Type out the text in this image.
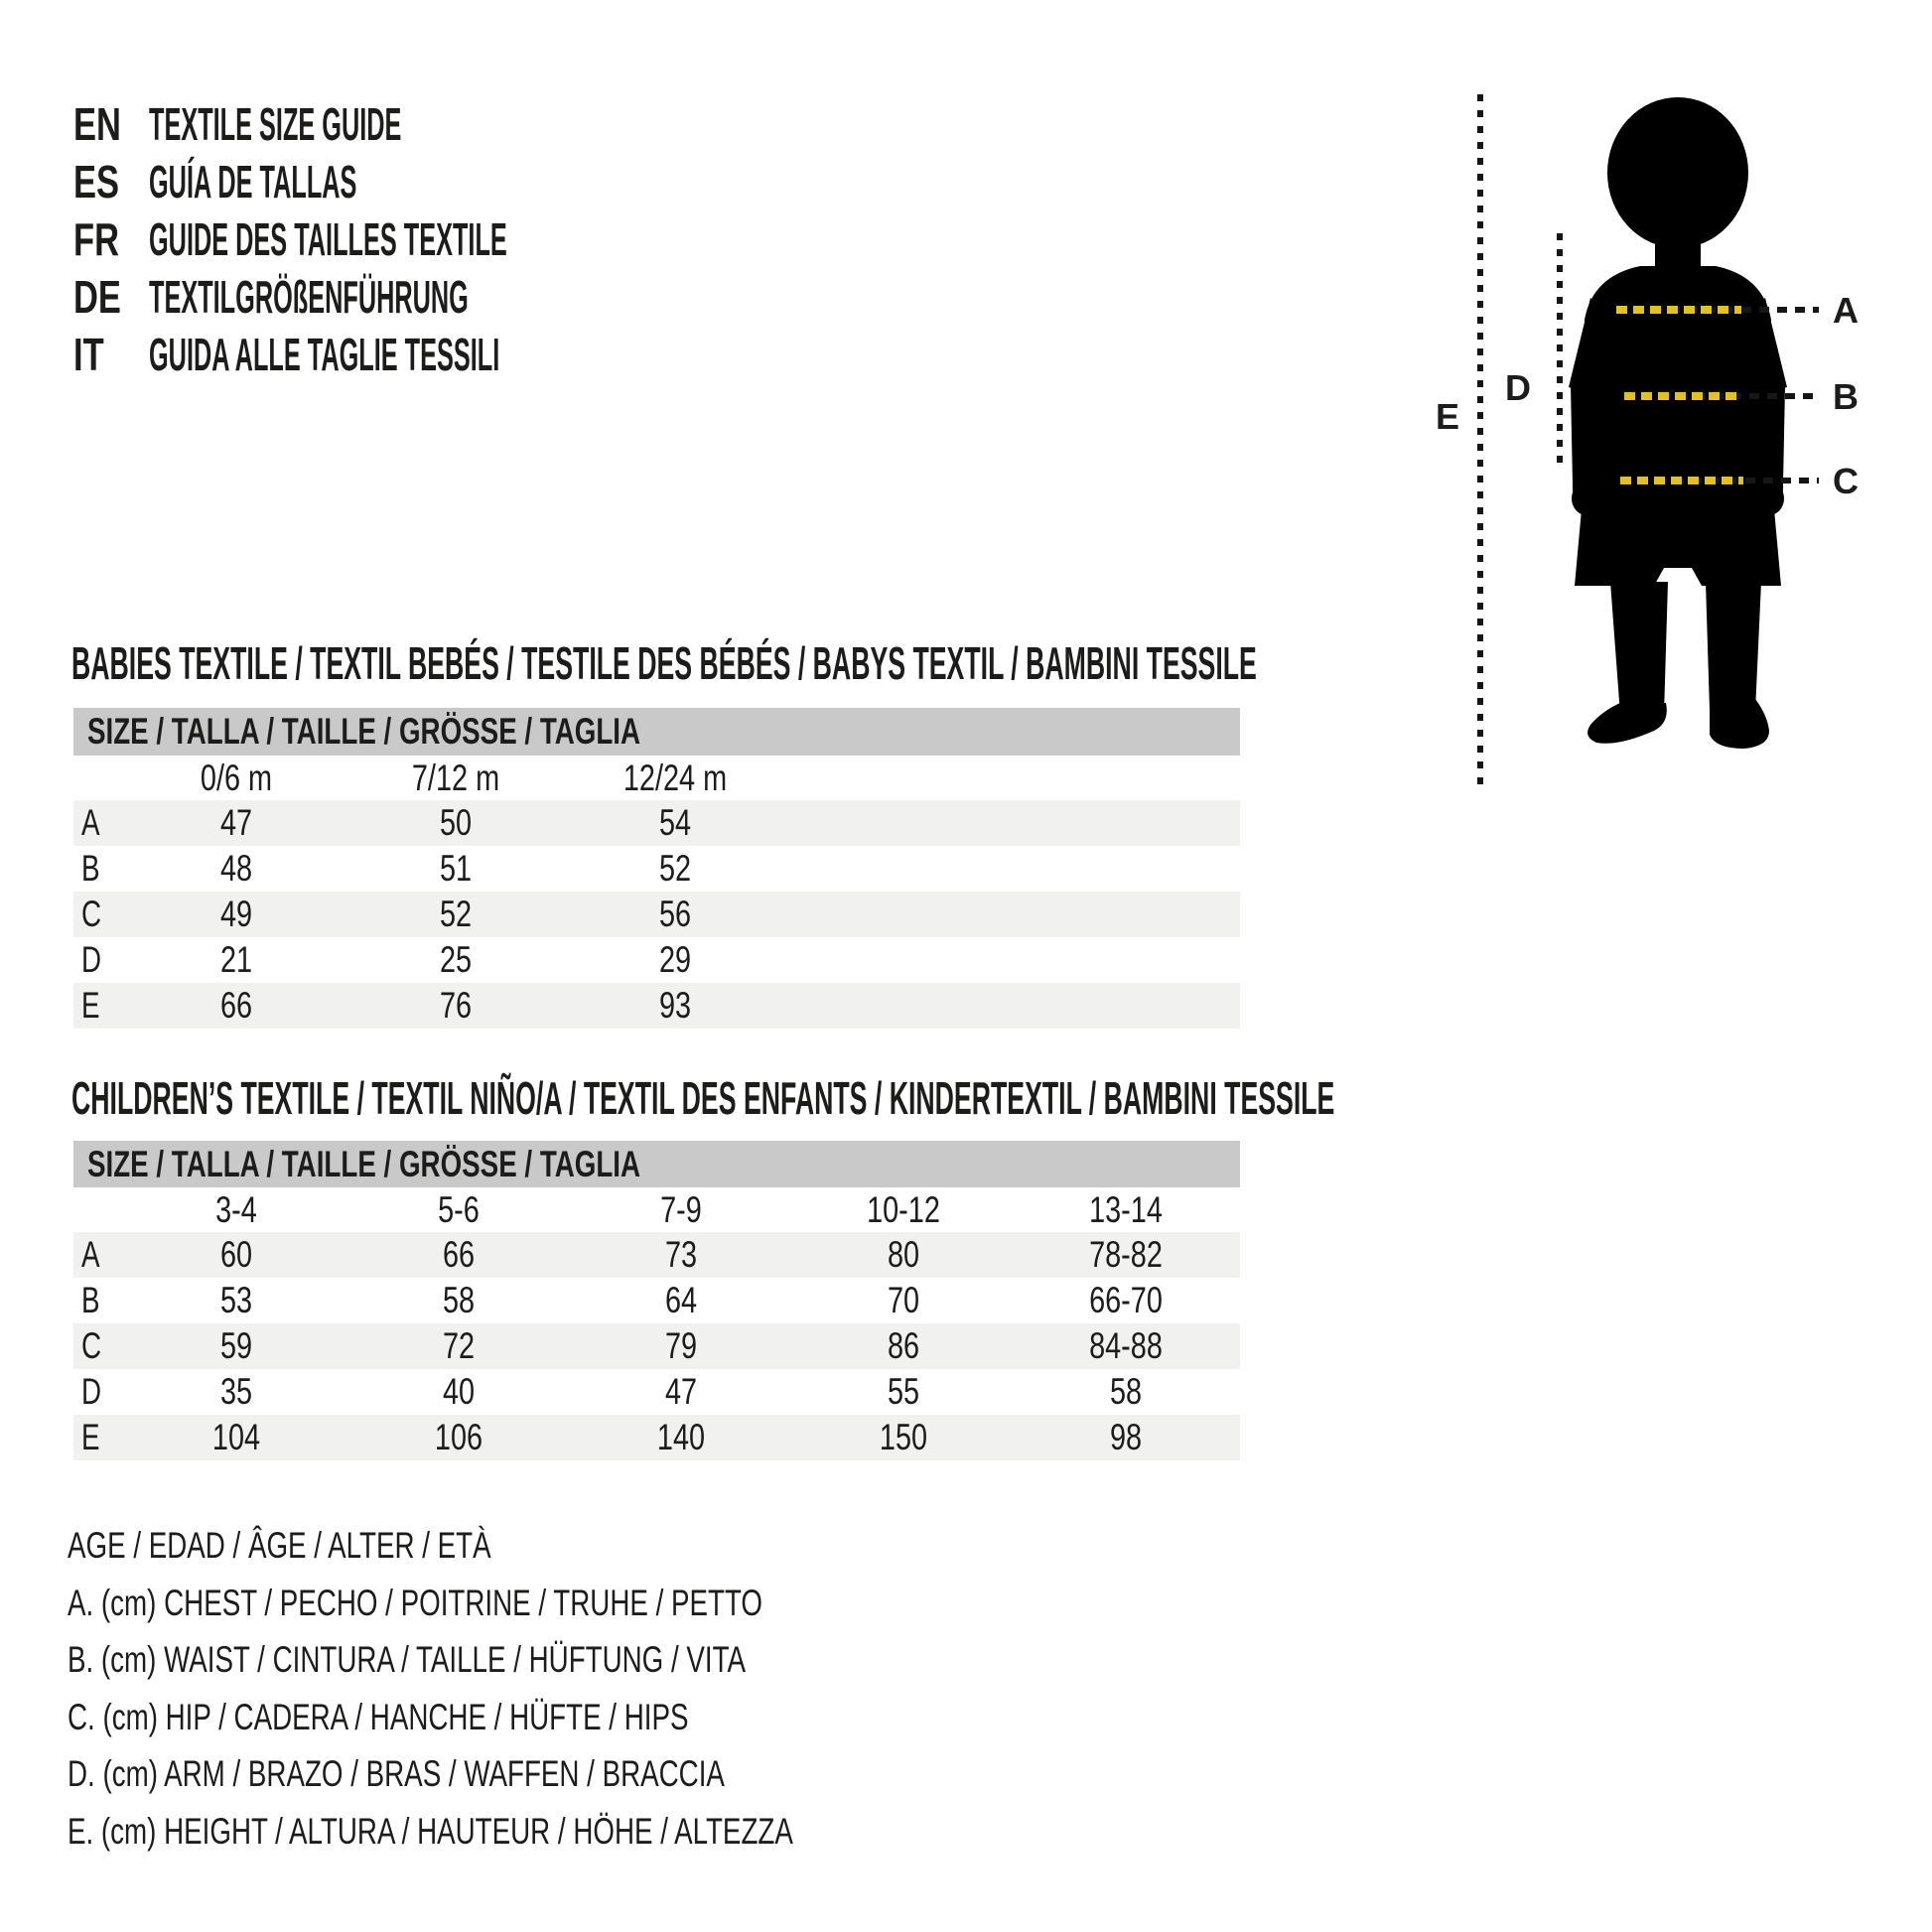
EN TEXTILE SIZE GUIDE
ES GUÍA DE TALLAS
FR GUIDE DES TAILLES TEXTILE
DE TEXTILGRÖßENFÜHRUNG
IT GUIDA ALLE TAGLIE TESSILI
A
B
C
D
E
BABIES TEXTILE / TEXTIL BEBÉS / TESTILE DES BÉBÉS / BABYS TEXTIL / BAMBINI TESSILE
SIZE / TALLA / TAILLE / GRÖSSE / TAGLIA

	0/6 m	7/12 m	12/24 m	

A	47	50	54	

B	48	51	52	

C	49	52	56	

D	21	25	29	

E	66	76	93	

CHILDREN’S TEXTILE / TEXTIL NIÑO/A / TEXTIL DES ENFANTS / KINDERTEXTIL / BAMBINI TESSILE
SIZE / TALLA / TAILLE / GRÖSSE / TAGLIA

	3-4	5-6	7-9	10-12	13-14	

A	60	66	73	80	78-82	

B	53	58	64	70	66-70	

C	59	72	79	86	84-88	

D	35	40	47	55	58	

E	104	106	140	150	98	

AGE / EDAD / ÂGE / ALTER / ETÀ
A. (cm) CHEST / PECHO / POITRINE / TRUHE / PETTO
B. (cm) WAIST / CINTURA / TAILLE / HÜFTUNG / VITA
C. (cm) HIP / CADERA / HANCHE / HÜFTE / HIPS
D. (cm) ARM / BRAZO / BRAS / WAFFEN / BRACCIA
E. (cm) HEIGHT / ALTURA / HAUTEUR / HÖHE / ALTEZZA
